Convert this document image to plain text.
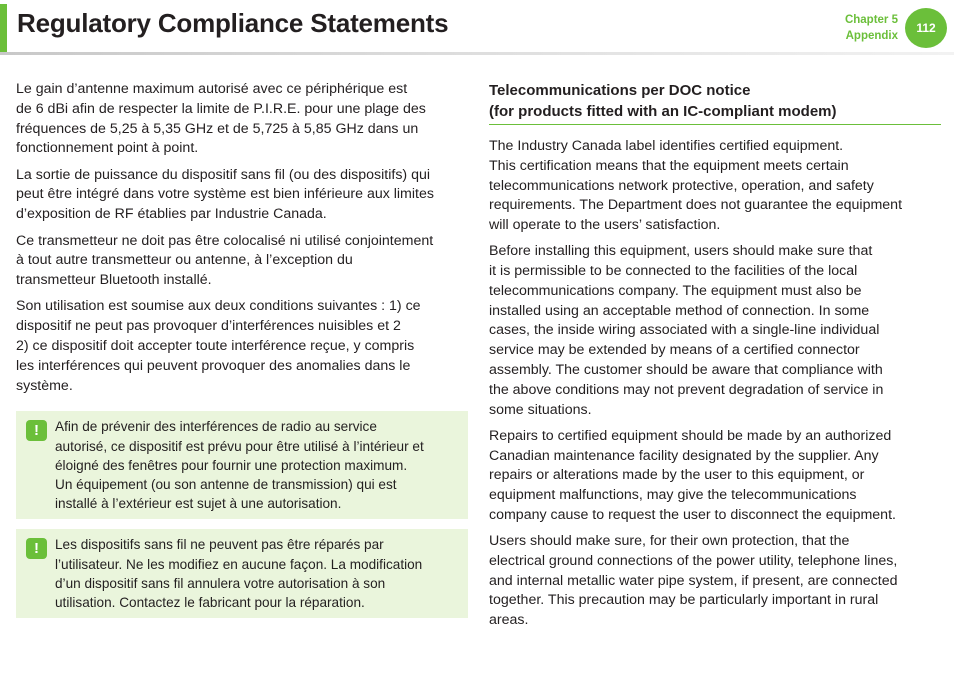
Regulatory Compliance Statements	Chapter 5
Appendix
112

Le gain d’antenne maximum autorisé avec ce périphérique est
de 6 dBi afin de respecter la limite de P.I.R.E. pour une plage des
fréquences de 5,25 à 5,35 GHz et de 5,725 à 5,85 GHz dans un
fonctionnement point à point.

La sortie de puissance du dispositif sans fil (ou des dispositifs) qui
peut être intégré dans votre système est bien inférieure aux limites
d’exposition de RF établies par Industrie Canada.

Ce transmetteur ne doit pas être colocalisé ni utilisé conjointement
à tout autre transmetteur ou antenne, à l’exception du
transmetteur Bluetooth installé.

Son utilisation est soumise aux deux conditions suivantes : 1) ce
dispositif ne peut pas provoquer d’interférences nuisibles et 2
2) ce dispositif doit accepter toute interférence reçue, y compris
les interférences qui peuvent provoquer des anomalies dans le
système.

!	Afin de prévenir des interférences de radio au service
autorisé, ce dispositif est prévu pour être utilisé à l’intérieur et
éloigné des fenêtres pour fournir une protection maximum.
Un équipement (ou son antenne de transmission) qui est
installé à l’extérieur est sujet à une autorisation.

!	Les dispositifs sans fil ne peuvent pas être réparés par
l’utilisateur. Ne les modifiez en aucune façon. La modification
d’un dispositif sans fil annulera votre autorisation à son
utilisation. Contactez le fabricant pour la réparation.

Telecommunications per DOC notice
(for products fitted with an IC-compliant modem)

The Industry Canada label identifies certified equipment.
This certification means that the equipment meets certain
telecommunications network protective, operation, and safety
requirements. The Department does not guarantee the equipment
will operate to the users’ satisfaction.

Before installing this equipment, users should make sure that
it is permissible to be connected to the facilities of the local
telecommunications company. The equipment must also be
installed using an acceptable method of connection. In some
cases, the inside wiring associated with a single-line individual
service may be extended by means of a certified connector
assembly. The customer should be aware that compliance with
the above conditions may not prevent degradation of service in
some situations.

Repairs to certified equipment should be made by an authorized
Canadian maintenance facility designated by the supplier. Any
repairs or alterations made by the user to this equipment, or
equipment malfunctions, may give the telecommunications
company cause to request the user to disconnect the equipment.

Users should make sure, for their own protection, that the
electrical ground connections of the power utility, telephone lines,
and internal metallic water pipe system, if present, are connected
together. This precaution may be particularly important in rural
areas.
